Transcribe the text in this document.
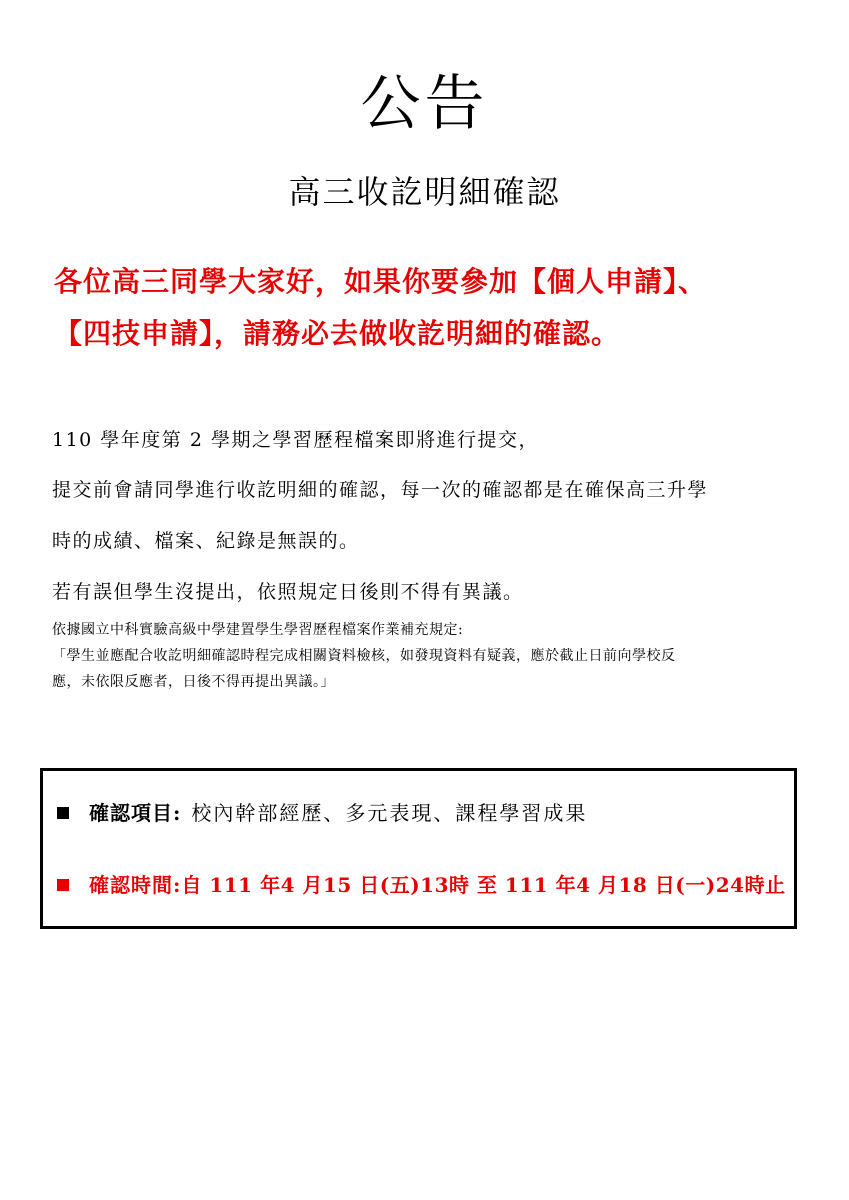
公告
高三收訖明細確認
各位高三同學大家好，如果你要參加【個人申請】、
【四技申請】，請務必去做收訖明細的確認。
110 學年度第 2 學期之學習歷程檔案即將進行提交，
提交前會請同學進行收訖明細的確認，每一次的確認都是在確保高三升學
時的成績、檔案、紀錄是無誤的。
若有誤但學生沒提出，依照規定日後則不得有異議。
依據國立中科實驗高級中學建置學生學習歷程檔案作業補充規定:
「學生並應配合收訖明細確認時程完成相關資料檢核，如發現資料有疑義，應於截止日前向學校反
應，未依限反應者，日後不得再提出異議。」
確認項目: 校內幹部經歷、多元表現、課程學習成果
確認時間: 自 111 年4 月15 日(五)13時 至 111 年4 月18 日(一)24時止
